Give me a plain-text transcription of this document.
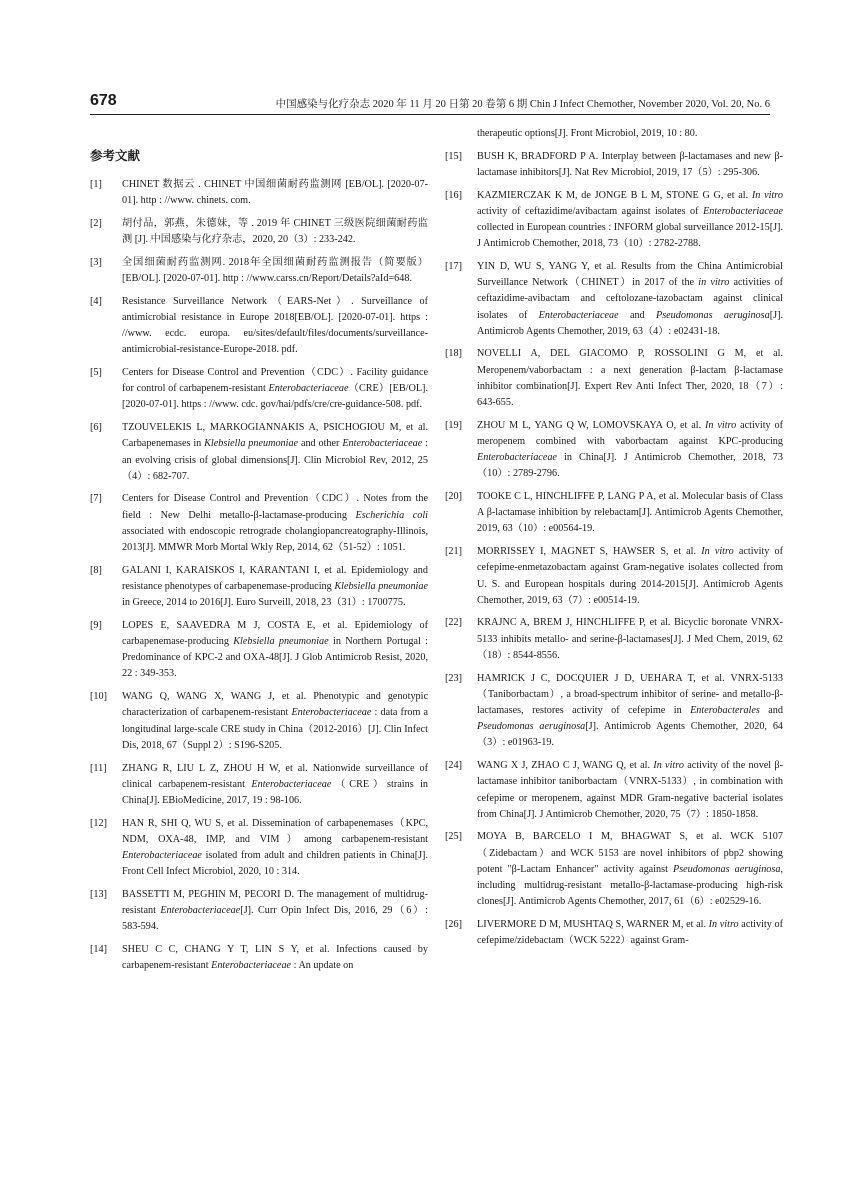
678	中国感染与化疗杂志 2020 年 11 月 20 日第 20 卷第 6 期 Chin J Infect Chemother, November 2020, Vol. 20, No. 6
参考文献
[1] CHINET 数据云 . CHINET 中国细菌耐药监测网 [EB/OL]. [2020-07-01]. http : //www. chinets. com.
[2] 胡付品，郭燕，朱德妹，等 . 2019 年 CHINET 三级医院细菌耐药监测 [J]. 中国感染与化疗杂志，2020, 20（3）: 233-242.
[3] 全国细菌耐药监测网. 2018年全国细菌耐药监测报告（简要版）[EB/OL]. [2020-07-01]. http : //www.carss.cn/Report/Details?aId=648.
[4] Resistance Surveillance Network（EARS-Net）. Surveillance of antimicrobial resistance in Europe 2018[EB/OL]. [2020-07-01]. https : //www. ecdc. europa. eu/sites/default/files/documents/surveillance-antimicrobial-resistance-Europe-2018. pdf.
[5] Centers for Disease Control and Prevention（CDC）. Facility guidance for control of carbapenem-resistant Enterobacteriaceae（CRE）[EB/OL]. [2020-07-01]. https : //www. cdc. gov/hai/pdfs/cre/cre-guidance-508. pdf.
[6] TZOUVELEKIS L, MARKOGIANNAKIS A, PSICHOGIOU M, et al. Carbapenemases in Klebsiella pneumoniae and other Enterobacteriaceae : an evolving crisis of global dimensions[J]. Clin Microbiol Rev, 2012, 25（4）: 682-707.
[7] Centers for Disease Control and Prevention（CDC）. Notes from the field : New Delhi metallo-β-lactamase-producing Escherichia coli associated with endoscopic retrograde cholangiopancreatography-Illinois, 2013[J]. MMWR Morb Mortal Wkly Rep, 2014, 62（51-52）: 1051.
[8] GALANI I, KARAISKOS I, KARANTANI I, et al. Epidemiology and resistance phenotypes of carbapenemase-producing Klebsiella pneumoniae in Greece, 2014 to 2016[J]. Euro Surveill, 2018, 23（31）: 1700775.
[9] LOPES E, SAAVEDRA M J, COSTA E, et al. Epidemiology of carbapenemase-producing Klebsiella pneumoniae in Northern Portugal : Predominance of KPC-2 and OXA-48[J]. J Glob Antimicrob Resist, 2020, 22 : 349-353.
[10] WANG Q, WANG X, WANG J, et al. Phenotypic and genotypic characterization of carbapenem-resistant Enterobacteriaceae : data from a longitudinal large-scale CRE study in China（2012-2016）[J]. Clin Infect Dis, 2018, 67（Suppl 2）: S196-S205.
[11] ZHANG R, LIU L Z, ZHOU H W, et al. Nationwide surveillance of clinical carbapenem-resistant Enterobacteriaceae（CRE）strains in China[J]. EBioMedicine, 2017, 19 : 98-106.
[12] HAN R, SHI Q, WU S, et al. Dissemination of carbapenemases（KPC, NDM, OXA-48, IMP, and VIM）among carbapenem-resistant Enterobacteriaceae isolated from adult and children patients in China[J]. Front Cell Infect Microbiol, 2020, 10 : 314.
[13] BASSETTI M, PEGHIN M, PECORI D. The management of multidrug-resistant Enterobacteriaceae[J]. Curr Opin Infect Dis, 2016, 29（6）: 583-594.
[14] SHEU C C, CHANG Y T, LIN S Y, et al. Infections caused by carbapenem-resistant Enterobacteriaceae : An update on
therapeutic options[J]. Front Microbiol, 2019, 10 : 80.
[15] BUSH K, BRADFORD P A. Interplay between β-lactamases and new β-lactamase inhibitors[J]. Nat Rev Microbiol, 2019, 17（5）: 295-306.
[16] KAZMIERCZAK K M, de JONGE B L M, STONE G G, et al. In vitro activity of ceftazidime/avibactam against isolates of Enterobacteriaceae collected in European countries : INFORM global surveillance 2012-15[J]. J Antimicrob Chemother, 2018, 73（10）: 2782-2788.
[17] YIN D, WU S, YANG Y, et al. Results from the China Antimicrobial Surveillance Network（CHINET）in 2017 of the in vitro activities of ceftazidime-avibactam and ceftolozane-tazobactam against clinical isolates of Enterobacteriaceae and Pseudomonas aeruginosa[J]. Antimicrob Agents Chemother, 2019, 63（4）: e02431-18.
[18] NOVELLI A, DEL GIACOMO P, ROSSOLINI G M, et al. Meropenem/vaborbactam : a next generation β-lactam β-lactamase inhibitor combination[J]. Expert Rev Anti Infect Ther, 2020, 18（7）: 643-655.
[19] ZHOU M L, YANG Q W, LOMOVSKAYA O, et al. In vitro activity of meropenem combined with vaborbactam against KPC-producing Enterobacteriaceae in China[J]. J Antimicrob Chemother, 2018, 73（10）: 2789-2796.
[20] TOOKE C L, HINCHLIFFE P, LANG P A, et al. Molecular basis of Class A β-lactamase inhibition by relebactam[J]. Antimicrob Agents Chemother, 2019, 63（10）: e00564-19.
[21] MORRISSEY I, MAGNET S, HAWSER S, et al. In vitro activity of cefepime-enmetazobactam against Gram-negative isolates collected from U. S. and European hospitals during 2014-2015[J]. Antimicrob Agents Chemother, 2019, 63（7）: e00514-19.
[22] KRAJNC A, BREM J, HINCHLIFFE P, et al. Bicyclic boronate VNRX-5133 inhibits metallo- and serine-β-lactamases[J]. J Med Chem, 2019, 62（18）: 8544-8556.
[23] HAMRICK J C, DOCQUIER J D, UEHARA T, et al. VNRX-5133（Taniborbactam）, a broad-spectrum inhibitor of serine- and metallo-β-lactamases, restores activity of cefepime in Enterobacterales and Pseudomonas aeruginosa[J]. Antimicrob Agents Chemother, 2020, 64（3）: e01963-19.
[24] WANG X J, ZHAO C J, WANG Q, et al. In vitro activity of the novel β-lactamase inhibitor taniborbactam（VNRX-5133）, in combination with cefepime or meropenem, against MDR Gram-negative bacterial isolates from China[J]. J Antimicrob Chemother, 2020, 75（7）: 1850-1858.
[25] MOYA B, BARCELO I M, BHAGWAT S, et al. WCK 5107（Zidebactam）and WCK 5153 are novel inhibitors of pbp2 showing potent "β-Lactam Enhancer" activity against Pseudomonas aeruginosa, including multidrug-resistant metallo-β-lactamase-producing high-risk clones[J]. Antimicrob Agents Chemother, 2017, 61（6）: e02529-16.
[26] LIVERMORE D M, MUSHTAQ S, WARNER M, et al. In vitro activity of cefepime/zidebactam（WCK 5222）against Gram-
